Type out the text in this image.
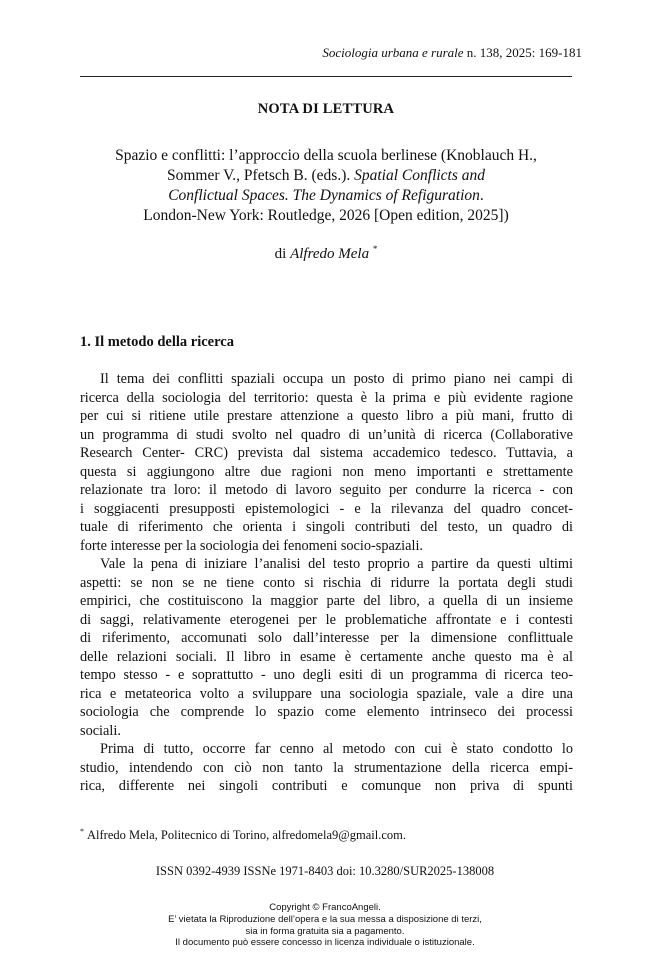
Sociologia urbana e rurale n. 138, 2025: 169-181
NOTA DI LETTURA
Spazio e conflitti: l’approccio della scuola berlinese (Knoblauch H.,
Sommer V., Pfetsch B. (eds.). Spatial Conflicts and
Conflictual Spaces. The Dynamics of Refiguration.
London-New York: Routledge, 2026 [Open edition, 2025])
di Alfredo Mela *
1. Il metodo della ricerca
Il tema dei conflitti spaziali occupa un posto di primo piano nei campi di
ricerca della sociologia del territorio: questa è la prima e più evidente ragione
per cui si ritiene utile prestare attenzione a questo libro a più mani, frutto di
un programma di studi svolto nel quadro di un’unità di ricerca (Collaborative
Research Center- CRC) prevista dal sistema accademico tedesco. Tuttavia, a
questa si aggiungono altre due ragioni non meno importanti e strettamente
relazionate tra loro: il metodo di lavoro seguito per condurre la ricerca - con
i soggiacenti presupposti epistemologici - e la rilevanza del quadro concet-
tuale di riferimento che orienta i singoli contributi del testo, un quadro di
forte interesse per la sociologia dei fenomeni socio-spaziali.
Vale la pena di iniziare l’analisi del testo proprio a partire da questi ultimi
aspetti: se non se ne tiene conto si rischia di ridurre la portata degli studi
empirici, che costituiscono la maggior parte del libro, a quella di un insieme
di saggi, relativamente eterogenei per le problematiche affrontate e i contesti
di riferimento, accomunati solo dall’interesse per la dimensione conflittuale
delle relazioni sociali. Il libro in esame è certamente anche questo ma è al
tempo stesso - e soprattutto - uno degli esiti di un programma di ricerca teo-
rica e metateorica volto a sviluppare una sociologia spaziale, vale a dire una
sociologia che comprende lo spazio come elemento intrinseco dei processi
sociali.
Prima di tutto, occorre far cenno al metodo con cui è stato condotto lo
studio, intendendo con ciò non tanto la strumentazione della ricerca empi-
rica, differente nei singoli contributi e comunque non priva di spunti
* Alfredo Mela, Politecnico di Torino, alfredomela9@gmail.com.
ISSN 0392-4939 ISSNe 1971-8403 doi: 10.3280/SUR2025-138008
Copyright © FrancoAngeli.
E’ vietata la Riproduzione dell’opera e la sua messa a disposizione di terzi,
sia in forma gratuita sia a pagamento.
Il documento può essere concesso in licenza individuale o istituzionale.
